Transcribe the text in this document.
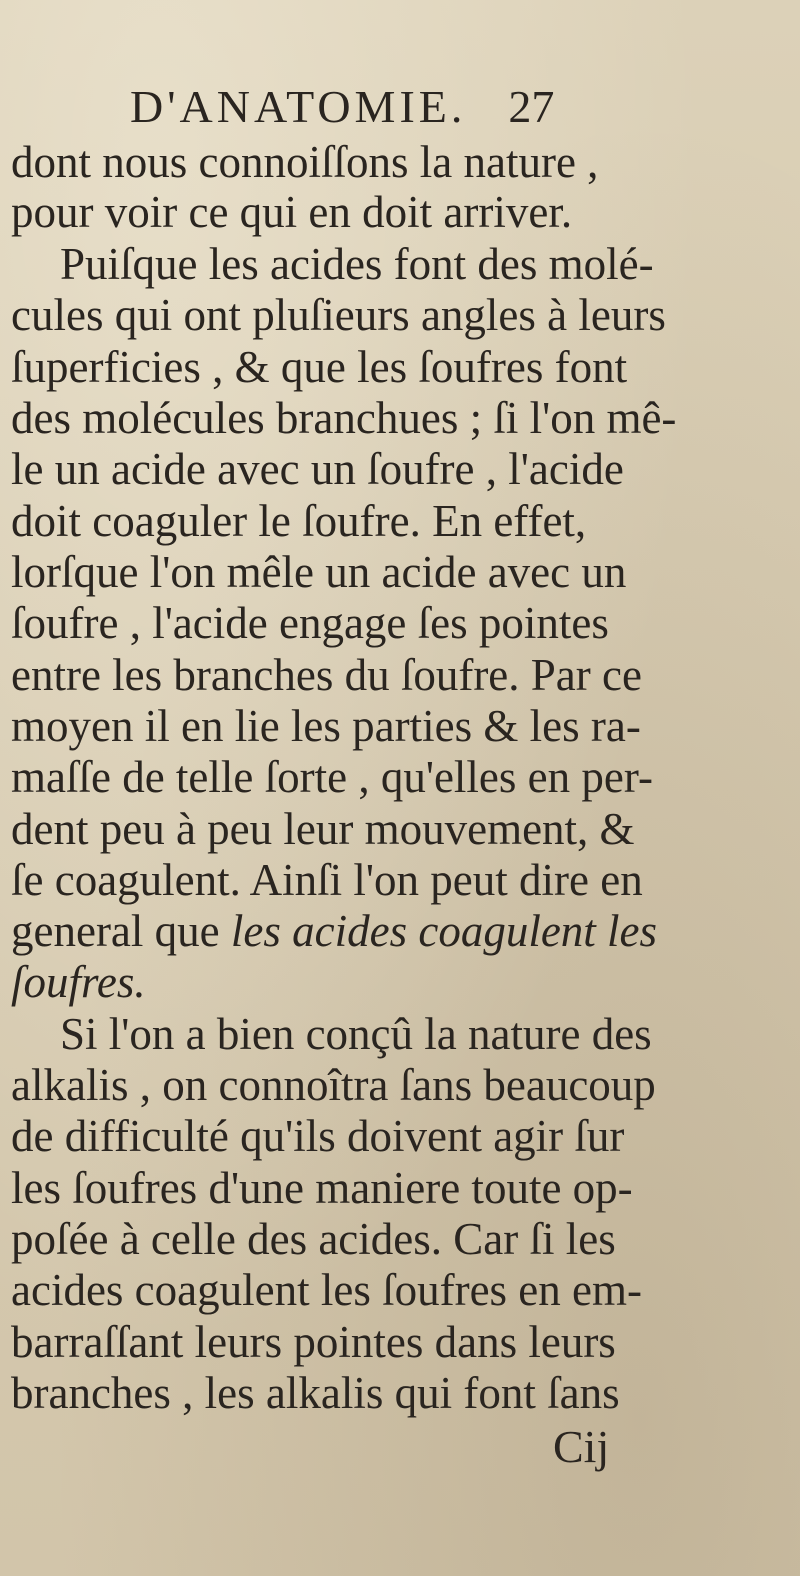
D'ANATOMIE. 27
dont nous connoiſſons la nature ,
pour voir ce qui en doit arriver.
Puiſque les acides font des molé-
cules qui ont pluſieurs angles à leurs
ſuperficies , & que les ſoufres font
des molécules branchues ; ſi l'on mê-
le un acide avec un ſoufre , l'acide
doit coaguler le ſoufre. En effet,
lorſque l'on mêle un acide avec un
ſoufre , l'acide engage ſes pointes
entre les branches du ſoufre. Par ce
moyen il en lie les parties & les ra-
maſſe de telle ſorte , qu'elles en per-
dent peu à peu leur mouvement, &
ſe coagulent. Ainſi l'on peut dire en
general que les acides coagulent les
ſoufres.
Si l'on a bien conçû la nature des
alkalis , on connoîtra ſans beaucoup
de difficulté qu'ils doivent agir ſur
les ſoufres d'une maniere toute op-
poſée à celle des acides. Car ſi les
acides coagulent les ſoufres en em-
barraſſant leurs pointes dans leurs
branches , les alkalis qui font ſans
Cij
